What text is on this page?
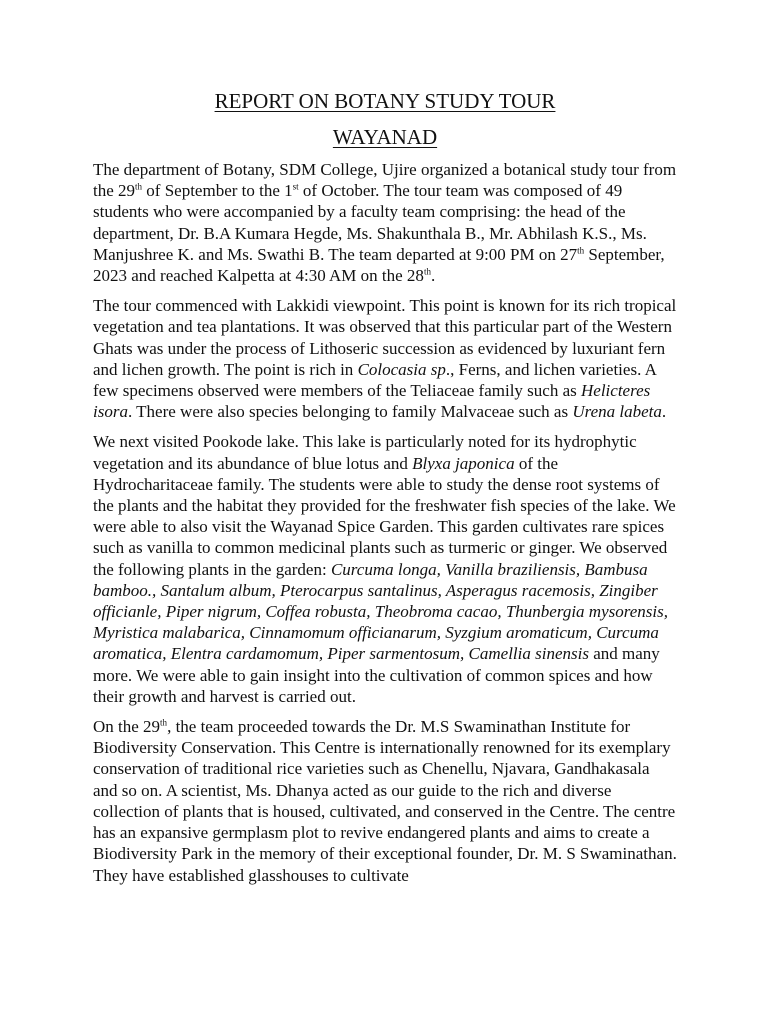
REPORT ON BOTANY STUDY TOUR

WAYANAD

The department of Botany, SDM College, Ujire organized a botanical study tour from the 29th of September to the 1st of October. The tour team was composed of 49 students who were accompanied by a faculty team comprising: the head of the department, Dr. B.A Kumara Hegde, Ms. Shakunthala B., Mr. Abhilash K.S., Ms. Manjushree K. and Ms. Swathi B. The team departed at 9:00 PM on 27th September, 2023 and reached Kalpetta at 4:30 AM on the 28th.

The tour commenced with Lakkidi viewpoint. This point is known for its rich tropical vegetation and tea plantations. It was observed that this particular part of the Western Ghats was under the process of Lithoseric succession as evidenced by luxuriant fern and lichen growth. The point is rich in Colocasia sp., Ferns, and lichen varieties. A few specimens observed were members of the Teliaceae family such as Helicteres isora. There were also species belonging to family Malvaceae such as Urena labeta.

We next visited Pookode lake. This lake is particularly noted for its hydrophytic vegetation and its abundance of blue lotus and Blyxa japonica of the Hydrocharitaceae family. The students were able to study the dense root systems of the plants and the habitat they provided for the freshwater fish species of the lake. We were able to also visit the Wayanad Spice Garden. This garden cultivates rare spices such as vanilla to common medicinal plants such as turmeric or ginger. We observed the following plants in the garden: Curcuma longa, Vanilla braziliensis, Bambusa bamboo., Santalum album, Pterocarpus santalinus, Asperagus racemosis, Zingiber officianle, Piper nigrum, Coffea robusta, Theobroma cacao, Thunbergia mysorensis, Myristica malabarica, Cinnamomum officianarum, Syzgium aromaticum, Curcuma aromatica, Elentra cardamomum, Piper sarmentosum, Camellia sinensis and many more. We were able to gain insight into the cultivation of common spices and how their growth and harvest is carried out.

On the 29th, the team proceeded towards the Dr. M.S Swaminathan Institute for Biodiversity Conservation. This Centre is internationally renowned for its exemplary conservation of traditional rice varieties such as Chenellu, Njavara, Gandhakasala and so on. A scientist, Ms. Dhanya acted as our guide to the rich and diverse collection of plants that is housed, cultivated, and conserved in the Centre. The centre has an expansive germplasm plot to revive endangered plants and aims to create a Biodiversity Park in the memory of their exceptional founder, Dr. M. S Swaminathan. They have established glasshouses to cultivate
